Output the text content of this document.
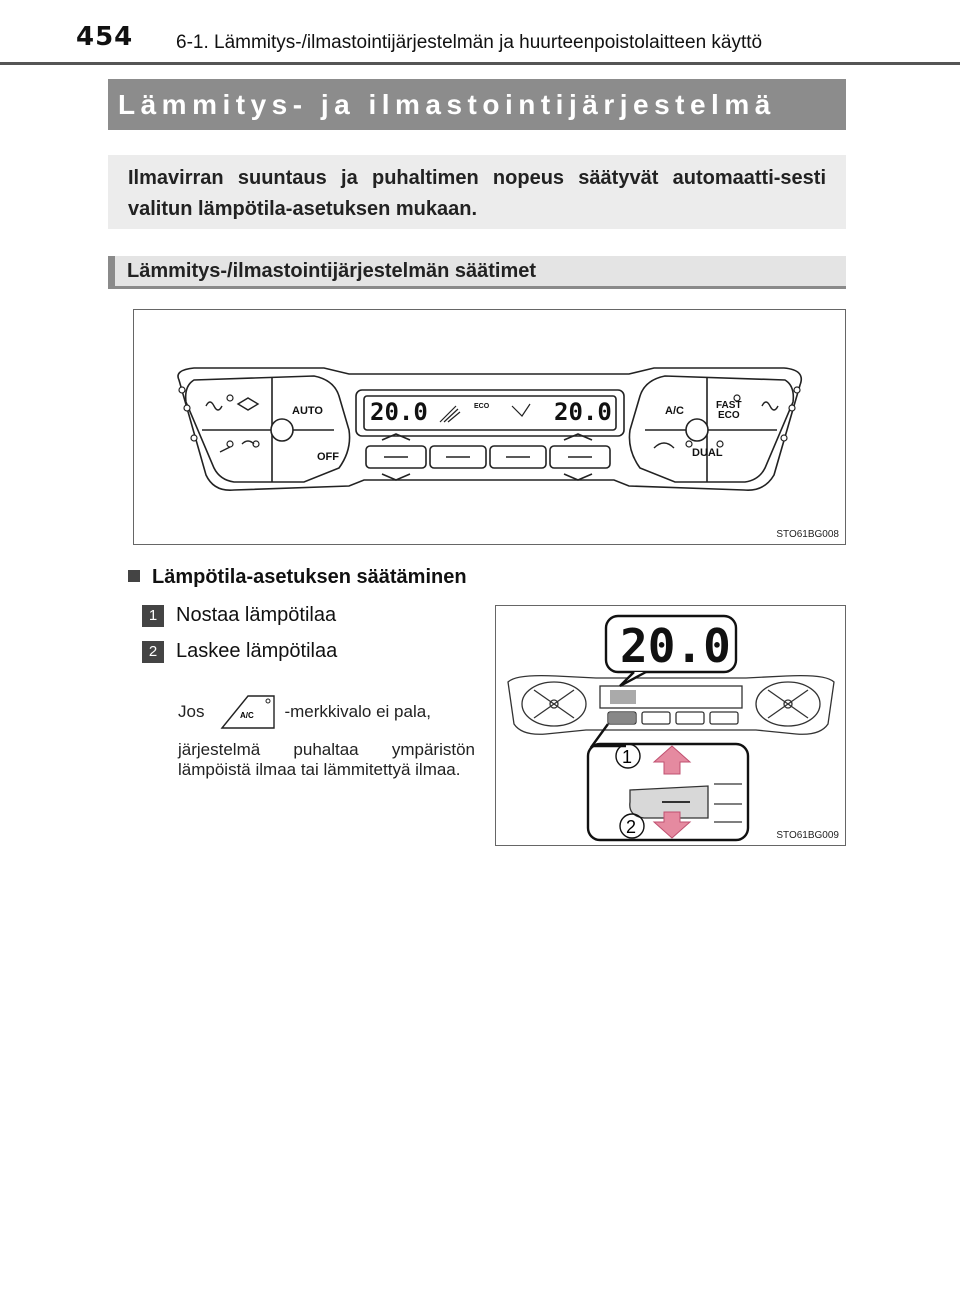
454 6-1. Lämmitys-/ilmastointijärjestelmän ja huurteenpoistolaitteen käyttö
Lämmitys- ja ilmastointijärjestelmä
Ilmavirran suuntaus ja puhaltimen nopeus säätyvät automaatti-sesti valitun lämpötila-asetuksen mukaan.
Lämmitys-/ilmastointijärjestelmän säätimet
AUTO
OFF
A/C	FAST
ECO
DUAL
20.0	20.0
ECO
STO61BG008
Lämpötila-asetuksen säätäminen
1 Nostaa lämpötilaa
2 Laskee lämpötilaa
Jos	A/C -merkkivalo ei pala,
järjestelmä puhaltaa ympäristön lämpöistä ilmaa tai lämmitettyä ilmaa.
1
2
20.0
STO61BG009
